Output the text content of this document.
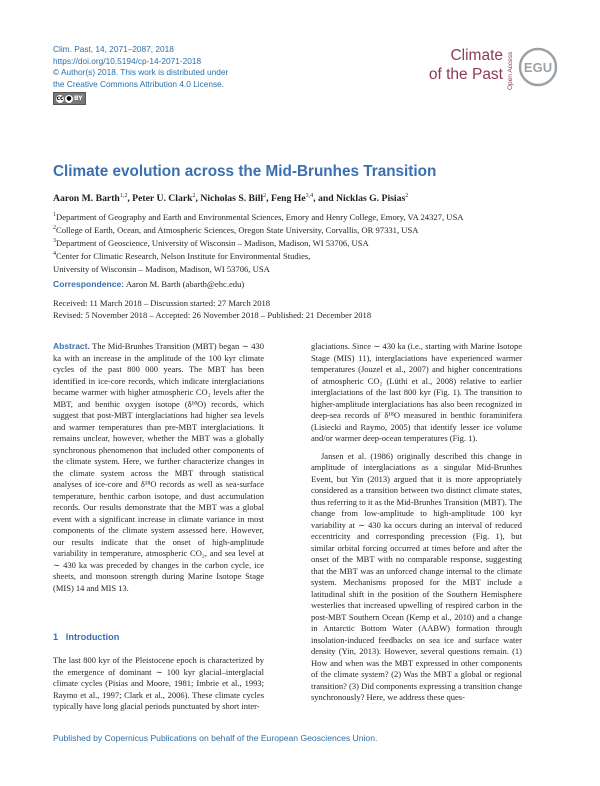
Clim. Past, 14, 2071–2087, 2018
https://doi.org/10.5194/cp-14-2071-2018
© Author(s) 2018. This work is distributed under
the Creative Commons Attribution 4.0 License.
cc ● BY
Climate
of the Past Open Access EGU
Climate evolution across the Mid-Brunhes Transition
Aaron M. Barth$^{1,2}$, Peter U. Clark$^2$, Nicholas S. Bill$^2$, Feng He$^{3,4}$, and Nicklas G. Pisias$^2$
$^1$Department of Geography and Earth and Environmental Sciences, Emory and Henry College, Emory, VA 24327, USA
$^2$College of Earth, Ocean, and Atmospheric Sciences, Oregon State University, Corvallis, OR 97331, USA
$^3$Department of Geoscience, University of Wisconsin – Madison, Madison, WI 53706, USA
$^4$Center for Climatic Research, Nelson Institute for Environmental Studies,
University of Wisconsin – Madison, Madison, WI 53706, USA
Correspondence: Aaron M. Barth (abarth@ehc.edu)
Received: 11 March 2018 – Discussion started: 27 March 2018
Revised: 5 November 2018 – Accepted: 26 November 2018 – Published: 21 December 2018

Abstract. The Mid-Brunhes Transition (MBT) began ∼ 430 ka with an increase in the amplitude of the 100 kyr climate cycles of the past 800 000 years. The MBT has been identified in ice-core records, which indicate interglaciations became warmer with higher atmospheric CO₂ levels after the MBT, and benthic oxygen isotope (δ¹⁸O) records, which suggest that post-MBT interglaciations had higher sea levels and warmer temperatures than pre-MBT interglaciations. It remains unclear, however, whether the MBT was a globally synchronous phenomenon that included other components of the climate system. Here, we further characterize changes in the climate system across the MBT through statistical analyses of ice-core and δ¹⁸O records as well as sea-surface temperature, benthic carbon isotope, and dust accumulation records. Our results demonstrate that the MBT was a global event with a significant increase in climate variance in most components of the climate system assessed here. However, our results indicate that the onset of high-amplitude variability in temperature, atmospheric CO₂, and sea level at ∼ 430 ka was preceded by changes in the carbon cycle, ice sheets, and monsoon strength during Marine Isotope Stage (MIS) 14 and MIS 13.

1 Introduction

The last 800 kyr of the Pleistocene epoch is characterized by the emergence of dominant ∼ 100 kyr glacial–interglacial climate cycles (Pisias and Moore, 1981; Imbrie et al., 1993; Raymo et al., 1997; Clark et al., 2006). These climate cycles typically have long glacial periods punctuated by short inter-

glaciations. Since ∼ 430 ka (i.e., starting with Marine Isotope Stage (MIS) 11), interglaciations have experienced warmer temperatures (Jouzel et al., 2007) and higher concentrations of atmospheric CO₂ (Lüthi et al., 2008) relative to earlier interglaciations of the last 800 kyr (Fig. 1). The transition to higher-amplitude interglaciations has also been recognized in deep-sea records of δ¹⁸O measured in benthic foraminifera (Lisiecki and Raymo, 2005) that identify lesser ice volume and/or warmer deep-ocean temperatures (Fig. 1).

Jansen et al. (1986) originally described this change in amplitude of interglaciations as a singular Mid-Brunhes Event, but Yin (2013) argued that it is more appropriately considered as a transition between two distinct climate states, thus referring to it as the Mid-Brunhes Transition (MBT). The change from low-amplitude to high-amplitude 100 kyr variability at ∼ 430 ka occurs during an interval of reduced eccentricity and corresponding precession (Fig. 1), but similar orbital forcing occurred at times before and after the onset of the MBT with no comparable response, suggesting that the MBT was an unforced change internal to the climate system. Mechanisms proposed for the MBT include a latitudinal shift in the position of the Southern Hemisphere westerlies that increased upwelling of respired carbon in the post-MBT Southern Ocean (Kemp et al., 2010) and a change in Antarctic Bottom Water (AABW) formation through insolation-induced feedbacks on sea ice and surface water density (Yin, 2013). However, several questions remain. (1) How and when was the MBT expressed in other components of the climate system? (2) Was the MBT a global or regional transition? (3) Did components expressing a transition change synchronously? Here, we address these ques-

Published by Copernicus Publications on behalf of the European Geosciences Union.
